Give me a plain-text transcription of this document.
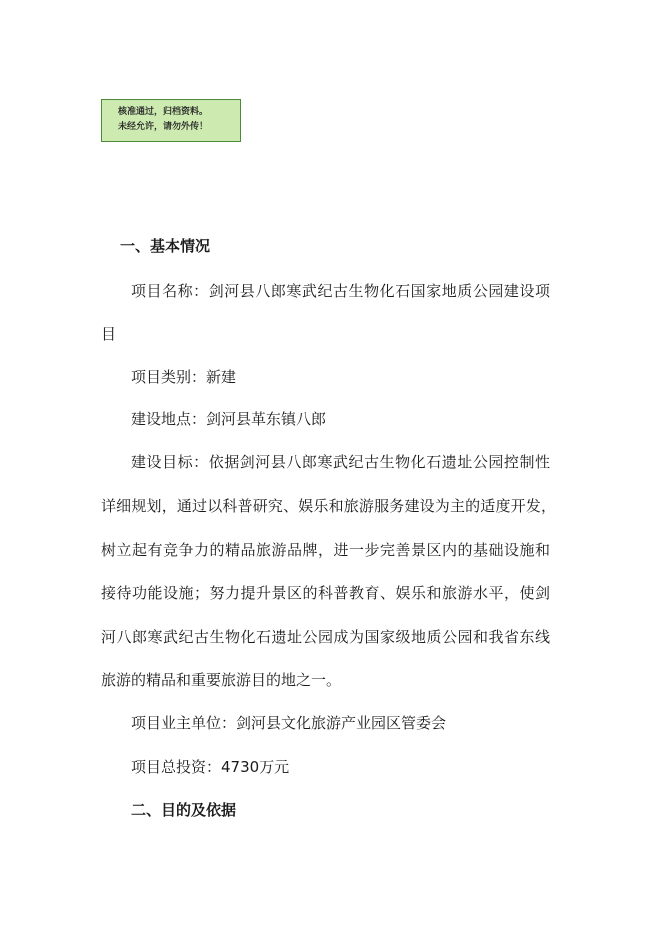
核准通过，归档资料。
未经允许，请勿外传！
一、基本情况
项目名称：剑河县八郎寒武纪古生物化石国家地质公园建设项
目
项目类别：新建
建设地点：剑河县革东镇八郎
建设目标：依据剑河县八郎寒武纪古生物化石遗址公园控制性
详细规划，通过以科普研究、娱乐和旅游服务建设为主的适度开发，
树立起有竞争力的精品旅游品牌，进一步完善景区内的基础设施和
接待功能设施；努力提升景区的科普教育、娱乐和旅游水平，使剑
河八郎寒武纪古生物化石遗址公园成为国家级地质公园和我省东线
旅游的精品和重要旅游目的地之一。
项目业主单位：剑河县文化旅游产业园区管委会
项目总投资：4730万元
二、目的及依据
